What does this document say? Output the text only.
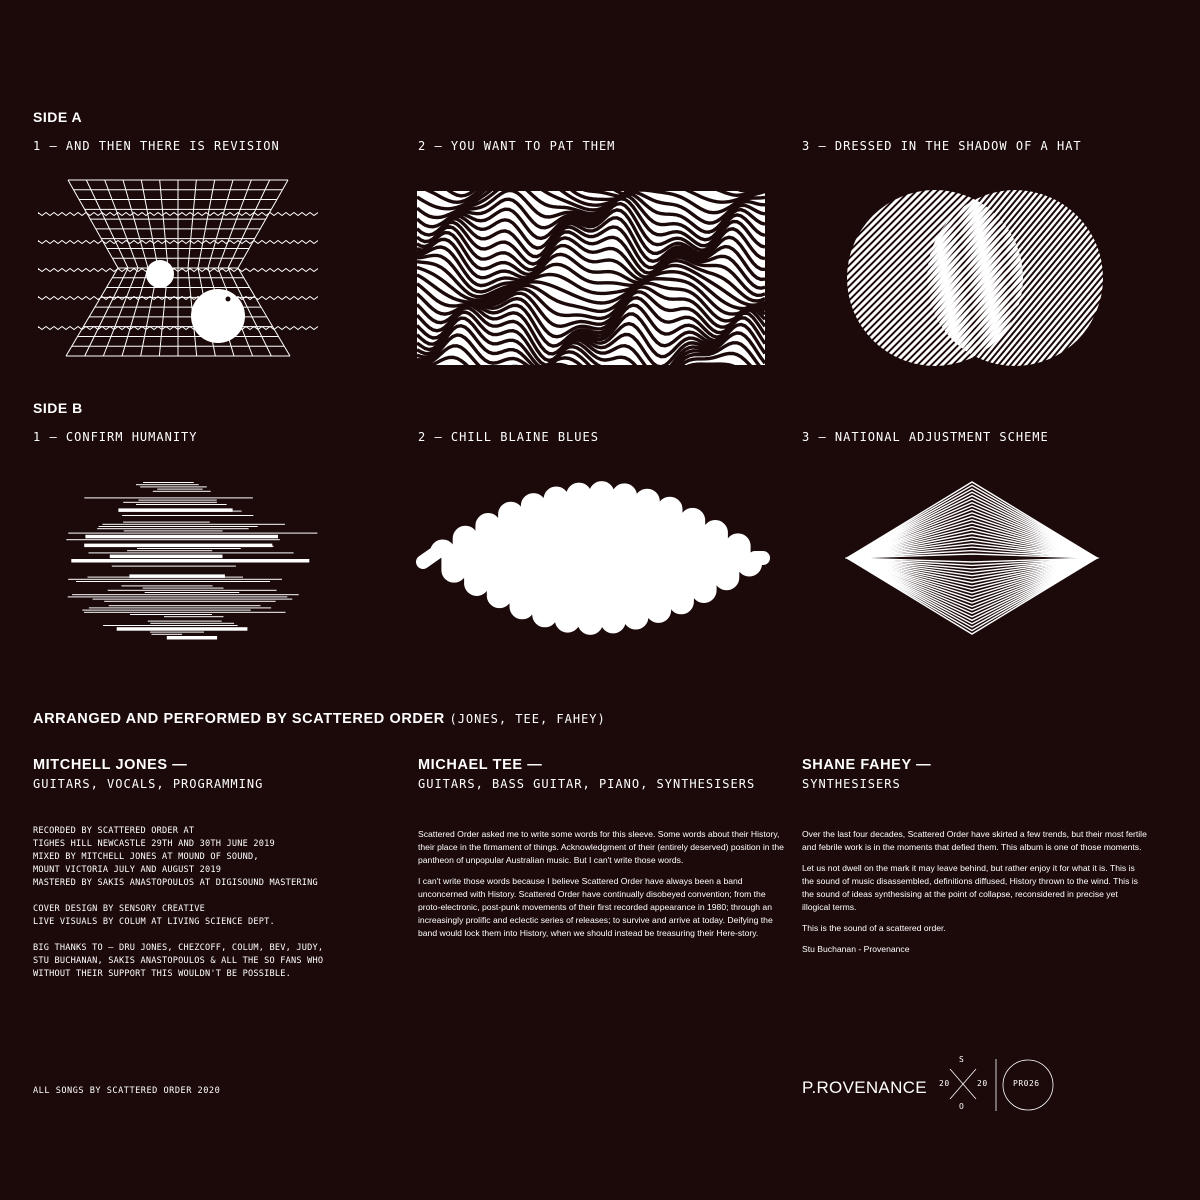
SIDE A
1 — AND THEN THERE IS REVISION	2 — YOU WANT TO PAT THEM	3 — DRESSED IN THE SHADOW OF A HAT
SIDE B
1 — CONFIRM HUMANITY	2 — CHILL BLAINE BLUES	3 — NATIONAL ADJUSTMENT SCHEME
ARRANGED AND PERFORMED BY SCATTERED ORDER (JONES, TEE, FAHEY)
MITCHELL JONES —
GUITARS, VOCALS, PROGRAMMING
MICHAEL TEE —
GUITARS, BASS GUITAR, PIANO, SYNTHESISERS
SHANE FAHEY —
SYNTHESISERS

RECORDED BY SCATTERED ORDER AT
TIGHES HILL NEWCASTLE 29TH AND 30TH JUNE 2019
MIXED BY MITCHELL JONES AT MOUND OF SOUND,
MOUNT VICTORIA JULY AND AUGUST 2019
MASTERED BY SAKIS ANASTOPOULOS AT DIGISOUND MASTERING

COVER DESIGN BY SENSORY CREATIVE
LIVE VISUALS BY COLUM AT LIVING SCIENCE DEPT.

BIG THANKS TO – DRU JONES, CHEZCOFF, COLUM, BEV, JUDY,
STU BUCHANAN, SAKIS ANASTOPOULOS & ALL THE SO FANS WHO
WITHOUT THEIR SUPPORT THIS WOULDN'T BE POSSIBLE.

Scattered Order asked me to write some words for this sleeve. Some words about their History, their place in the firmament of things. Acknowledgment of their (entirely deserved) position in the pantheon of unpopular Australian music. But I can't write those words.

I can't write those words because I believe Scattered Order have always been a band unconcerned with History. Scattered Order have continually disobeyed convention; from the proto-electronic, post-punk movements of their first recorded appearance in 1980; through an increasingly prolific and eclectic series of releases; to survive and arrive at today. Deifying the band would lock them into History, when we should instead be treasuring their Here-story.

Over the last four decades, Scattered Order have skirted a few trends, but their most fertile and febrile work is in the moments that defied them. This album is one of those moments.

Let us not dwell on the mark it may leave behind, but rather enjoy it for what it is. This is the sound of music disassembled, definitions diffused, History thrown to the wind. This is the sound of ideas synthesising at the point of collapse, reconsidered in precise yet illogical terms.

This is the sound of a scattered order.

Stu Buchanan - Provenance

ALL SONGS BY SCATTERED ORDER 2020	P.ROVENANCE
S
O
20	20	PR026
